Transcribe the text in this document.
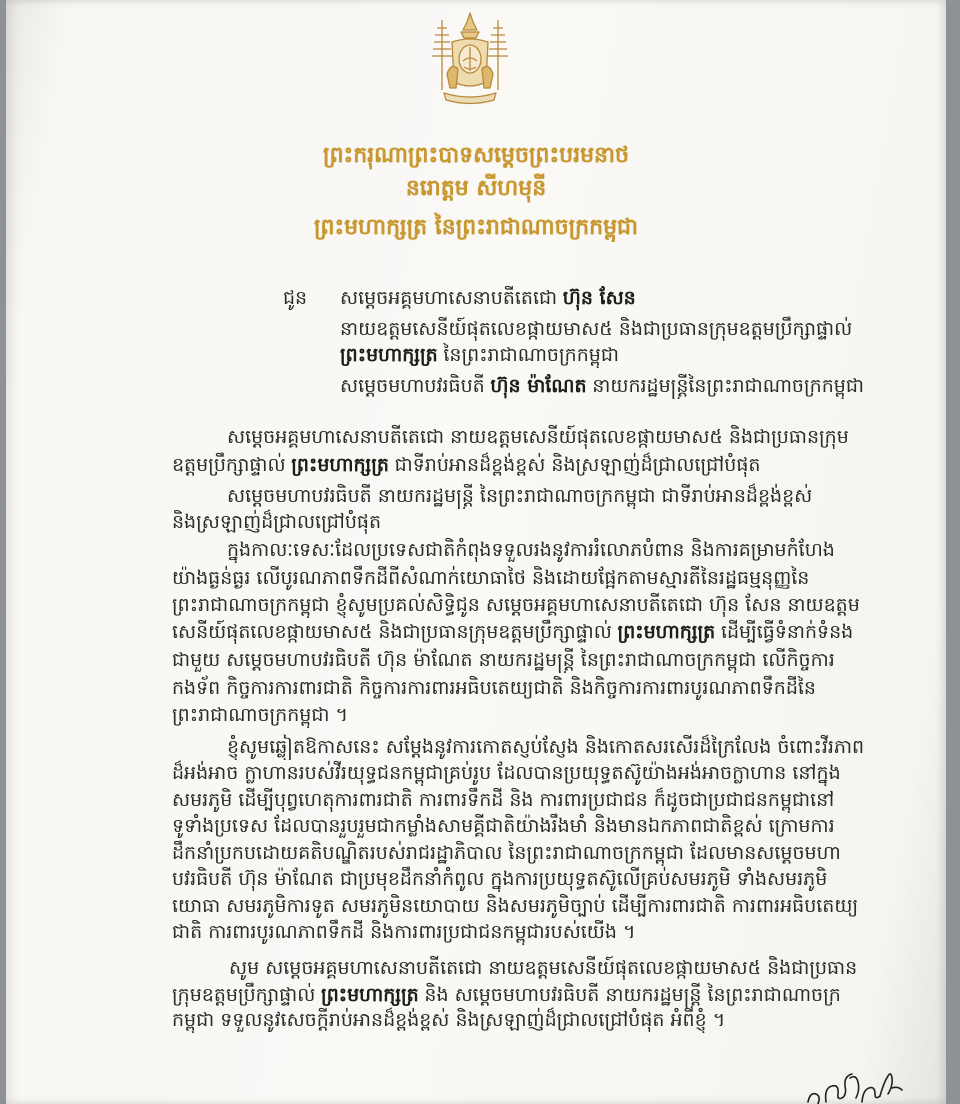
ព្រះករុណាព្រះបាទសម្តេចព្រះបរមនាថ
នរោត្តម សីហមុនី
ព្រះមហាក្សត្រ នៃព្រះរាជាណាចក្រកម្ពុជា
ជូន	សម្តេចអគ្គមហាសេនាបតីតេជោ ហ៊ុន សែន
នាយឧត្តមសេនីយ៍ផុតលេខផ្កាយមាស៥ និងជាប្រធានក្រុមឧត្តមប្រឹក្សាផ្ទាល់
ព្រះមហាក្សត្រ នៃព្រះរាជាណាចក្រកម្ពុជា
សម្តេចមហាបវរធិបតី ហ៊ុន ម៉ាណែត នាយករដ្ឋមន្ត្រីនៃព្រះរាជាណាចក្រកម្ពុជា
សម្តេចអគ្គមហាសេនាបតីតេជោ នាយឧត្តមសេនីយ៍ផុតលេខផ្កាយមាស៥ និងជាប្រធានក្រុម
ឧត្តមប្រឹក្សាផ្ទាល់ ព្រះមហាក្សត្រ ជាទីរាប់អានដ៏ខ្ពង់ខ្ពស់ និងស្រឡាញ់ដ៏ជ្រាលជ្រៅបំផុត
សម្តេចមហាបវរធិបតី នាយករដ្ឋមន្ត្រី នៃព្រះរាជាណាចក្រកម្ពុជា ជាទីរាប់អានដ៏ខ្ពង់ខ្ពស់
និងស្រឡាញ់ដ៏ជ្រាលជ្រៅបំផុត
ក្នុងកាលៈទេសៈដែលប្រទេសជាតិកំពុងទទួលរងនូវការរំលោភបំពាន និងការគម្រាមកំហែង
យ៉ាងធ្ងន់ធ្ងរ លើបូរណភាពទឹកដីពីសំណាក់យោធាថៃ និងដោយផ្អែកតាមស្មារតីនៃរដ្ឋធម្មនុញ្ញនៃ
ព្រះរាជាណាចក្រកម្ពុជា ខ្ញុំសូមប្រគល់សិទ្ធិជូន សម្តេចអគ្គមហាសេនាបតីតេជោ ហ៊ុន សែន នាយឧត្តម
សេនីយ៍ផុតលេខផ្កាយមាស៥ និងជាប្រធានក្រុមឧត្តមប្រឹក្សាផ្ទាល់ ព្រះមហាក្សត្រ ដើម្បីធ្វើទំនាក់ទំនង
ជាមួយ សម្តេចមហាបវរធិបតី ហ៊ុន ម៉ាណែត នាយករដ្ឋមន្ត្រី នៃព្រះរាជាណាចក្រកម្ពុជា លើកិច្ចការ
កងទ័ព កិច្ចការការពារជាតិ កិច្ចការការពារអធិបតេយ្យជាតិ និងកិច្ចការការពារបូរណភាពទឹកដីនៃ
ព្រះរាជាណាចក្រកម្ពុជា ។
ខ្ញុំសូមឆ្លៀតឱកាសនេះ សម្តែងនូវការកោតស្ញប់ស្ញែង និងកោតសរសើរដ៏ក្រៃលែង ចំពោះវីរភាព
ដ៏អង់អាច ក្លាហានរបស់វីរយុទ្ធជនកម្ពុជាគ្រប់រូប ដែលបានប្រយុទ្ធតស៊ូយ៉ាងអង់អាចក្លាហាន នៅក្នុង
សមរភូមិ ដើម្បីបុព្វហេតុការពារជាតិ ការពារទឹកដី និង ការពារប្រជាជន ក៏ដូចជាប្រជាជនកម្ពុជានៅ
ទូទាំងប្រទេស ដែលបានរួបរួមជាកម្លាំងសាមគ្គីជាតិយ៉ាងរឹងមាំ និងមានឯកភាពជាតិខ្ពស់ ក្រោមការ
ដឹកនាំប្រកបដោយគតិបណ្ឌិតរបស់រាជរដ្ឋាភិបាល នៃព្រះរាជាណាចក្រកម្ពុជា ដែលមានសម្តេចមហា
បវរធិបតី ហ៊ុន ម៉ាណែត ជាប្រមុខដឹកនាំកំពូល ក្នុងការប្រយុទ្ធតស៊ូលើគ្រប់សមរភូមិ ទាំងសមរភូមិ
យោធា សមរភូមិការទូត សមរភូមិនយោបាយ និងសមរភូមិច្បាប់ ដើម្បីការពារជាតិ ការពារអធិបតេយ្យ
ជាតិ ការពារបូរណភាពទឹកដី និងការពារប្រជាជនកម្ពុជារបស់យើង ។
សូម សម្តេចអគ្គមហាសេនាបតីតេជោ នាយឧត្តមសេនីយ៍ផុតលេខផ្កាយមាស៥ និងជាប្រធាន
ក្រុមឧត្តមប្រឹក្សាផ្ទាល់ ព្រះមហាក្សត្រ និង សម្តេចមហាបវរធិបតី នាយករដ្ឋមន្ត្រី នៃព្រះរាជាណាចក្រ
កម្ពុជា ទទួលនូវសេចក្តីរាប់អានដ៏ខ្ពង់ខ្ពស់ និងស្រឡាញ់ដ៏ជ្រាលជ្រៅបំផុត អំពីខ្ញុំ ។
